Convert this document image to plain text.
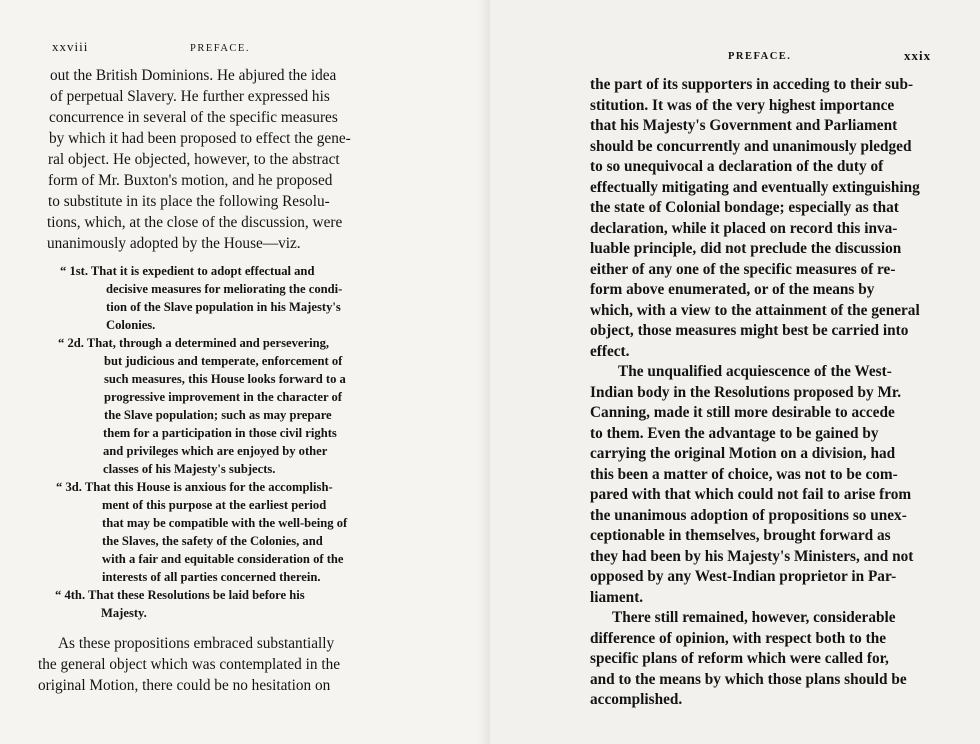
xxviii	PREFACE.
out the British Dominions. He abjured the idea
of perpetual Slavery. He further expressed his
concurrence in several of the specific measures
by which it had been proposed to effect the gene-
ral object. He objected, however, to the abstract
form of Mr. Buxton's motion, and he proposed
to substitute in its place the following Resolu-
tions, which, at the close of the discussion, were
unanimously adopted by the House—viz.
“ 1st. That it is expedient to adopt effectual and
decisive measures for meliorating the condi-
tion of the Slave population in his Majesty's
Colonies.
“ 2d. That, through a determined and persevering,
but judicious and temperate, enforcement of
such measures, this House looks forward to a
progressive improvement in the character of
the Slave population; such as may prepare
them for a participation in those civil rights
and privileges which are enjoyed by other
classes of his Majesty's subjects.
“ 3d. That this House is anxious for the accomplish-
ment of this purpose at the earliest period
that may be compatible with the well-being of
the Slaves, the safety of the Colonies, and
with a fair and equitable consideration of the
interests of all parties concerned therein.
“ 4th. That these Resolutions be laid before his
Majesty.
As these propositions embraced substantially
the general object which was contemplated in the
original Motion, there could be no hesitation on
PREFACE.	xxix
the part of its supporters in acceding to their sub-
stitution. It was of the very highest importance
that his Majesty's Government and Parliament
should be concurrently and unanimously pledged
to so unequivocal a declaration of the duty of
effectually mitigating and eventually extinguishing
the state of Colonial bondage; especially as that
declaration, while it placed on record this inva-
luable principle, did not preclude the discussion
either of any one of the specific measures of re-
form above enumerated, or of the means by
which, with a view to the attainment of the general
object, those measures might best be carried into
effect.
The unqualified acquiescence of the West-
Indian body in the Resolutions proposed by Mr.
Canning, made it still more desirable to accede
to them. Even the advantage to be gained by
carrying the original Motion on a division, had
this been a matter of choice, was not to be com-
pared with that which could not fail to arise from
the unanimous adoption of propositions so unex-
ceptionable in themselves, brought forward as
they had been by his Majesty's Ministers, and not
opposed by any West-Indian proprietor in Par-
liament.
There still remained, however, considerable
difference of opinion, with respect both to the
specific plans of reform which were called for,
and to the means by which those plans should be
accomplished.
